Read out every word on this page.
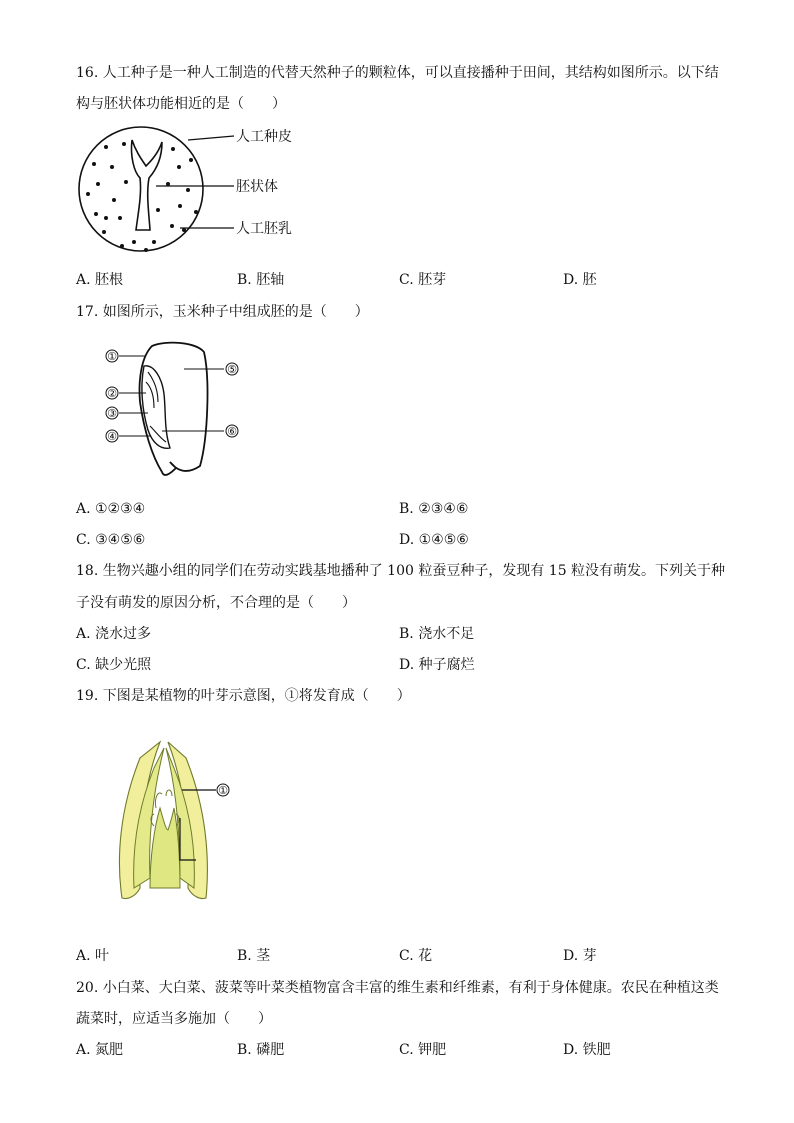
16. 人工种子是一种人工制造的代替天然种子的颗粒体，可以直接播种于田间，其结构如图所示。以下结
构与胚状体功能相近的是（　　）
人工种皮
胚状体
人工胚乳
A. 胚根	B. 胚轴	C. 胚芽	D. 胚
17. 如图所示，玉米种子中组成胚的是（　　）
①
②
③
④
⑤
⑥
A. ①②③④	B. ②③④⑥
C. ③④⑤⑥	D. ①④⑤⑥
18. 生物兴趣小组的同学们在劳动实践基地播种了 100 粒蚕豆种子，发现有 15 粒没有萌发。下列关于种
子没有萌发的原因分析，不合理的是（　　）
A. 浇水过多	B. 浇水不足
C. 缺少光照	D. 种子腐烂
19. 下图是某植物的叶芽示意图，①将发育成（　　）
①
A. 叶	B. 茎	C. 花	D. 芽
20. 小白菜、大白菜、菠菜等叶菜类植物富含丰富的维生素和纤维素，有利于身体健康。农民在种植这类
蔬菜时，应适当多施加（　　）
A. 氮肥	B. 磷肥	C. 钾肥	D. 铁肥
